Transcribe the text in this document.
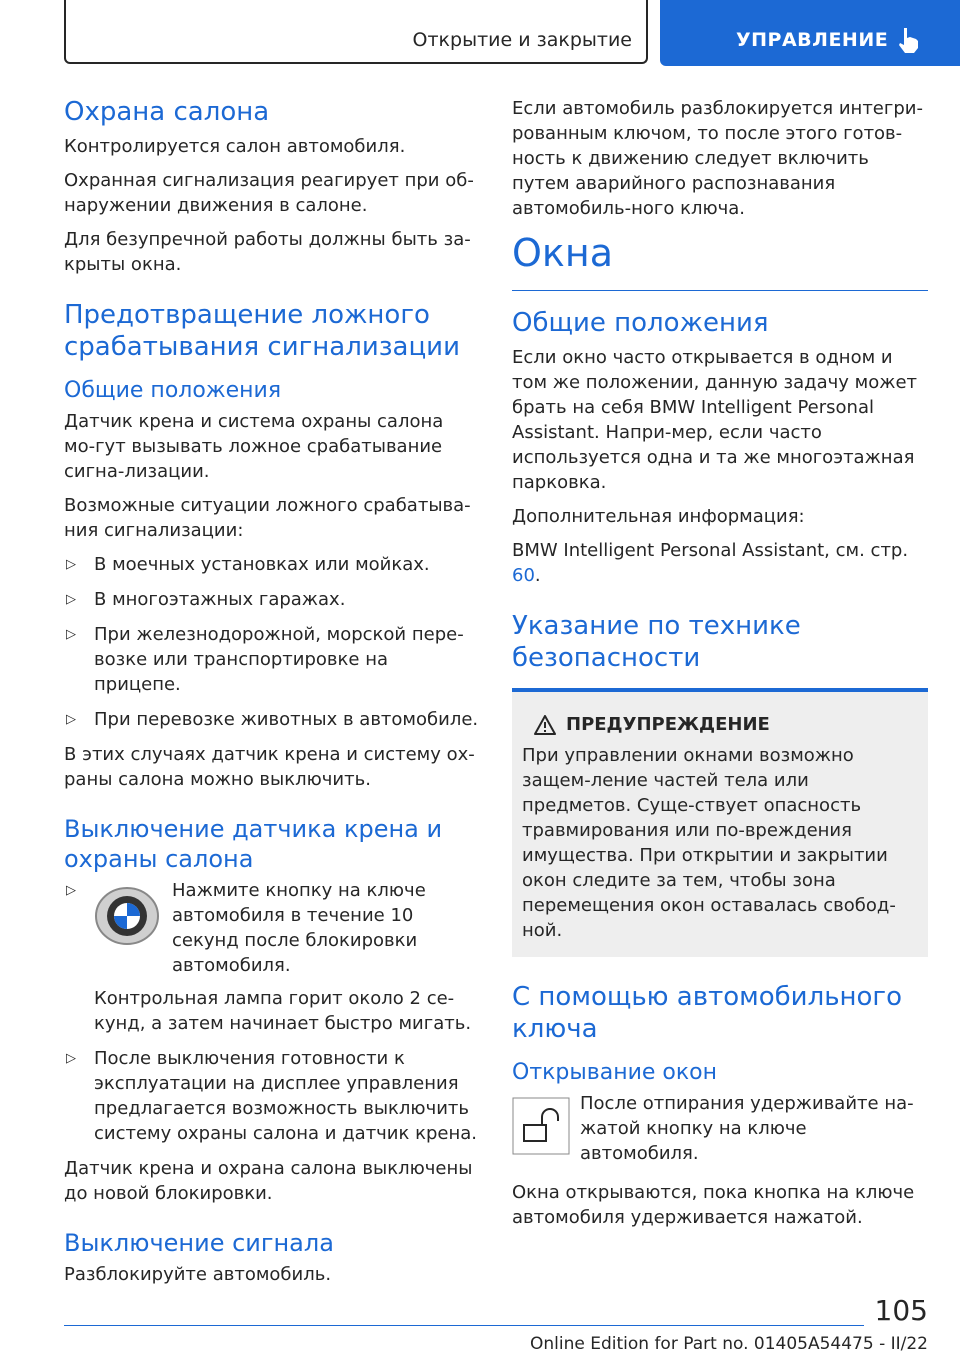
Открытие и закрытие	УПРАВЛЕНИЕ
Охрана салона

Контролируется салон автомобиля.

Охранная сигнализация реагирует при об-наружении движения в салоне.

Для безупречной работы должны быть за-крыты окна.

Предотвращение ложного срабатывания сигнализации
Общие положения

Датчик крена и система охраны салона мо-гут вызывать ложное срабатывание сигна-лизации.

Возможные ситуации ложного срабатыва-ния сигнализации:

▷ В моечных установках или мойках.
▷ В многоэтажных гаражах.
▷ При железнодорожной, морской пере-возке или транспортировке на прицепе.
▷ При перевозке животных в автомобиле.

В этих случаях датчик крена и систему ох-раны салона можно выключить.

Выключение датчика крена и охраны салона
▷	Нажмите кнопку на ключе автомобиля в течение 10 секунд после блокировки автомобиля.
Контрольная лампа горит около 2 се-кунд, а затем начинает быстро мигать.
▷ После выключения готовности к эксплуатации на дисплее управления предлагается возможность выключить систему охраны салона и датчик крена.

Датчик крена и охрана салона выключены до новой блокировки.

Выключение сигнала

Разблокируйте автомобиль.

Если автомобиль разблокируется интегри-рованным ключом, то после этого готов-ность к движению следует включить путем аварийного распознавания автомобиль-ного ключа.

Окна
Общие положения

Если окно часто открывается в одном и том же положении, данную задачу может брать на себя BMW Intelligent Personal Assistant. Напри-мер, если часто используется одна и та же многоэтажная парковка.

Дополнительная информация:

BMW Intelligent Personal Assistant, см. стр. 60.

Указание по технике безопасности
ПРЕДУПРЕЖДЕНИЕ

При управлении окнами возможно защем-ление частей тела или предметов. Суще-ствует опасность травмирования или по-вреждения имущества. При открытии и закрытии окон следите за тем, чтобы зона перемещения окон оставалась свобод-ной.

С помощью автомобильного ключа
Открывание окон

После отпирания удерживайте на-жатой кнопку на ключе автомобиля.

Окна открываются, пока кнопка на ключе автомобиля удерживается нажатой.

105
Online Edition for Part no. 01405A54475 - II/22
